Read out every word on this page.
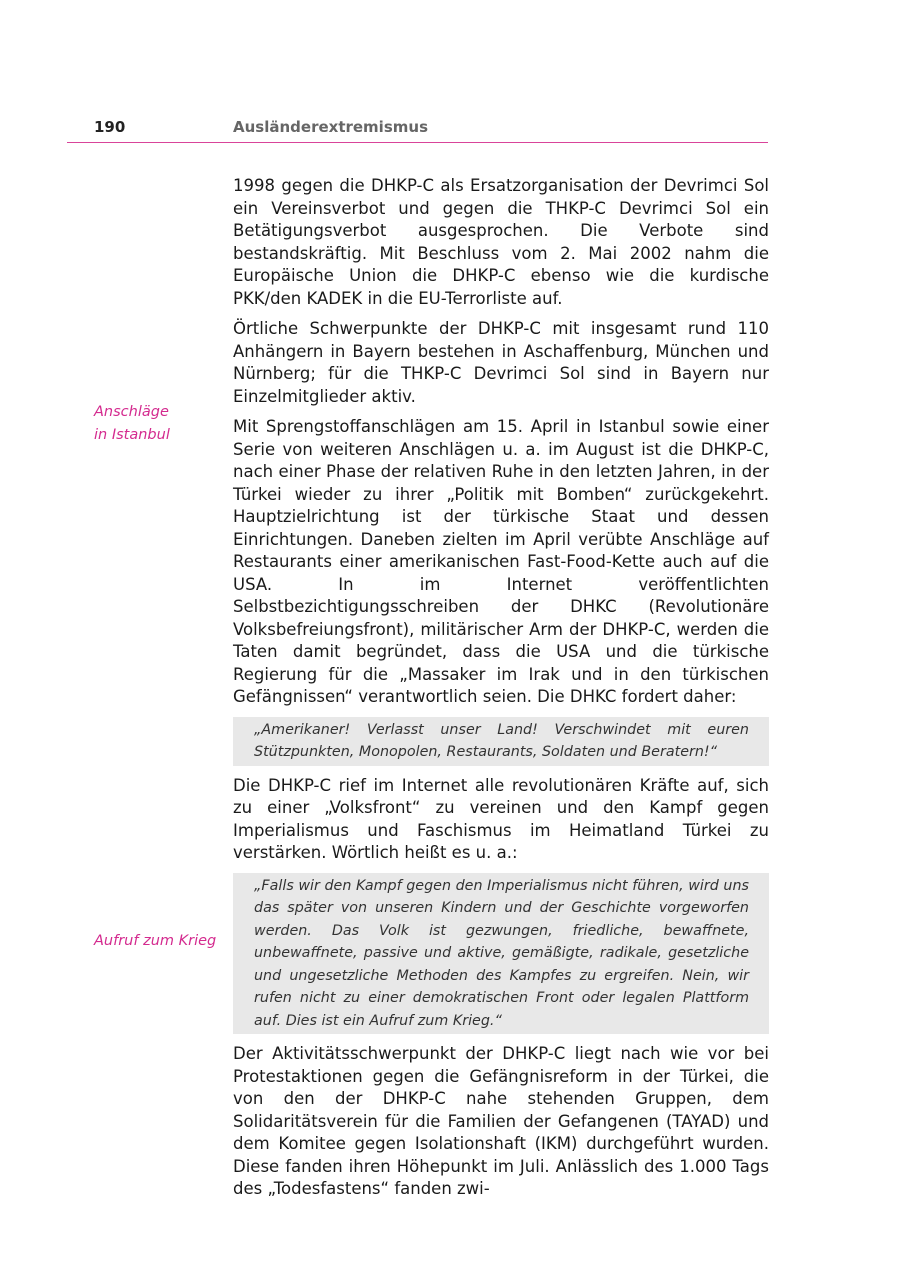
190	Ausländerextremismus
Anschläge
in Istanbul
Aufruf zum Krieg

1998 gegen die DHKP-C als Ersatzorganisation der Devrimci Sol ein Vereinsverbot und gegen die THKP-C Devrimci Sol ein Betätigungsverbot ausgesprochen. Die Verbote sind bestandskräftig. Mit Beschluss vom 2. Mai 2002 nahm die Europäische Union die DHKP-C ebenso wie die kurdische PKK/den KADEK in die EU-Terrorliste auf.

Örtliche Schwerpunkte der DHKP-C mit insgesamt rund 110 Anhängern in Bayern bestehen in Aschaffenburg, München und Nürnberg; für die THKP-C Devrimci Sol sind in Bayern nur Einzelmitglieder aktiv.

Mit Sprengstoffanschlägen am 15. April in Istanbul sowie einer Serie von weiteren Anschlägen u. a. im August ist die DHKP-C, nach einer Phase der relativen Ruhe in den letzten Jahren, in der Türkei wieder zu ihrer „Politik mit Bomben“ zurückgekehrt. Hauptzielrichtung ist der türkische Staat und dessen Einrichtungen. Daneben zielten im April verübte Anschläge auf Restaurants einer amerikanischen Fast-Food-Kette auch auf die USA. In im Internet veröffentlichten Selbstbezichtigungsschreiben der DHKC (Revolutionäre Volksbefreiungsfront), militärischer Arm der DHKP-C, werden die Taten damit begründet, dass die USA und die türkische Regierung für die „Massaker im Irak und in den türkischen Gefängnissen“ verantwortlich seien. Die DHKC fordert daher:

„Amerikaner! Verlasst unser Land! Verschwindet mit euren Stützpunkten, Monopolen, Restaurants, Soldaten und Beratern!“

Die DHKP-C rief im Internet alle revolutionären Kräfte auf, sich zu einer „Volksfront“ zu vereinen und den Kampf gegen Imperialismus und Faschismus im Heimatland Türkei zu verstärken. Wörtlich heißt es u. a.:

„Falls wir den Kampf gegen den Imperialismus nicht führen, wird uns das später von unseren Kindern und der Geschichte vorgeworfen werden. Das Volk ist gezwungen, friedliche, bewaffnete, unbewaffnete, passive und aktive, gemäßigte, radikale, gesetzliche und ungesetzliche Methoden des Kampfes zu ergreifen. Nein, wir rufen nicht zu einer demokratischen Front oder legalen Plattform auf. Dies ist ein Aufruf zum Krieg.“

Der Aktivitätsschwerpunkt der DHKP-C liegt nach wie vor bei Protestaktionen gegen die Gefängnisreform in der Türkei, die von den der DHKP-C nahe stehenden Gruppen, dem Solidaritätsverein für die Familien der Gefangenen (TAYAD) und dem Komitee gegen Isolationshaft (IKM) durchgeführt wurden. Diese fanden ihren Höhepunkt im Juli. Anlässlich des 1.000 Tags des „Todesfastens“ fanden zwi-
